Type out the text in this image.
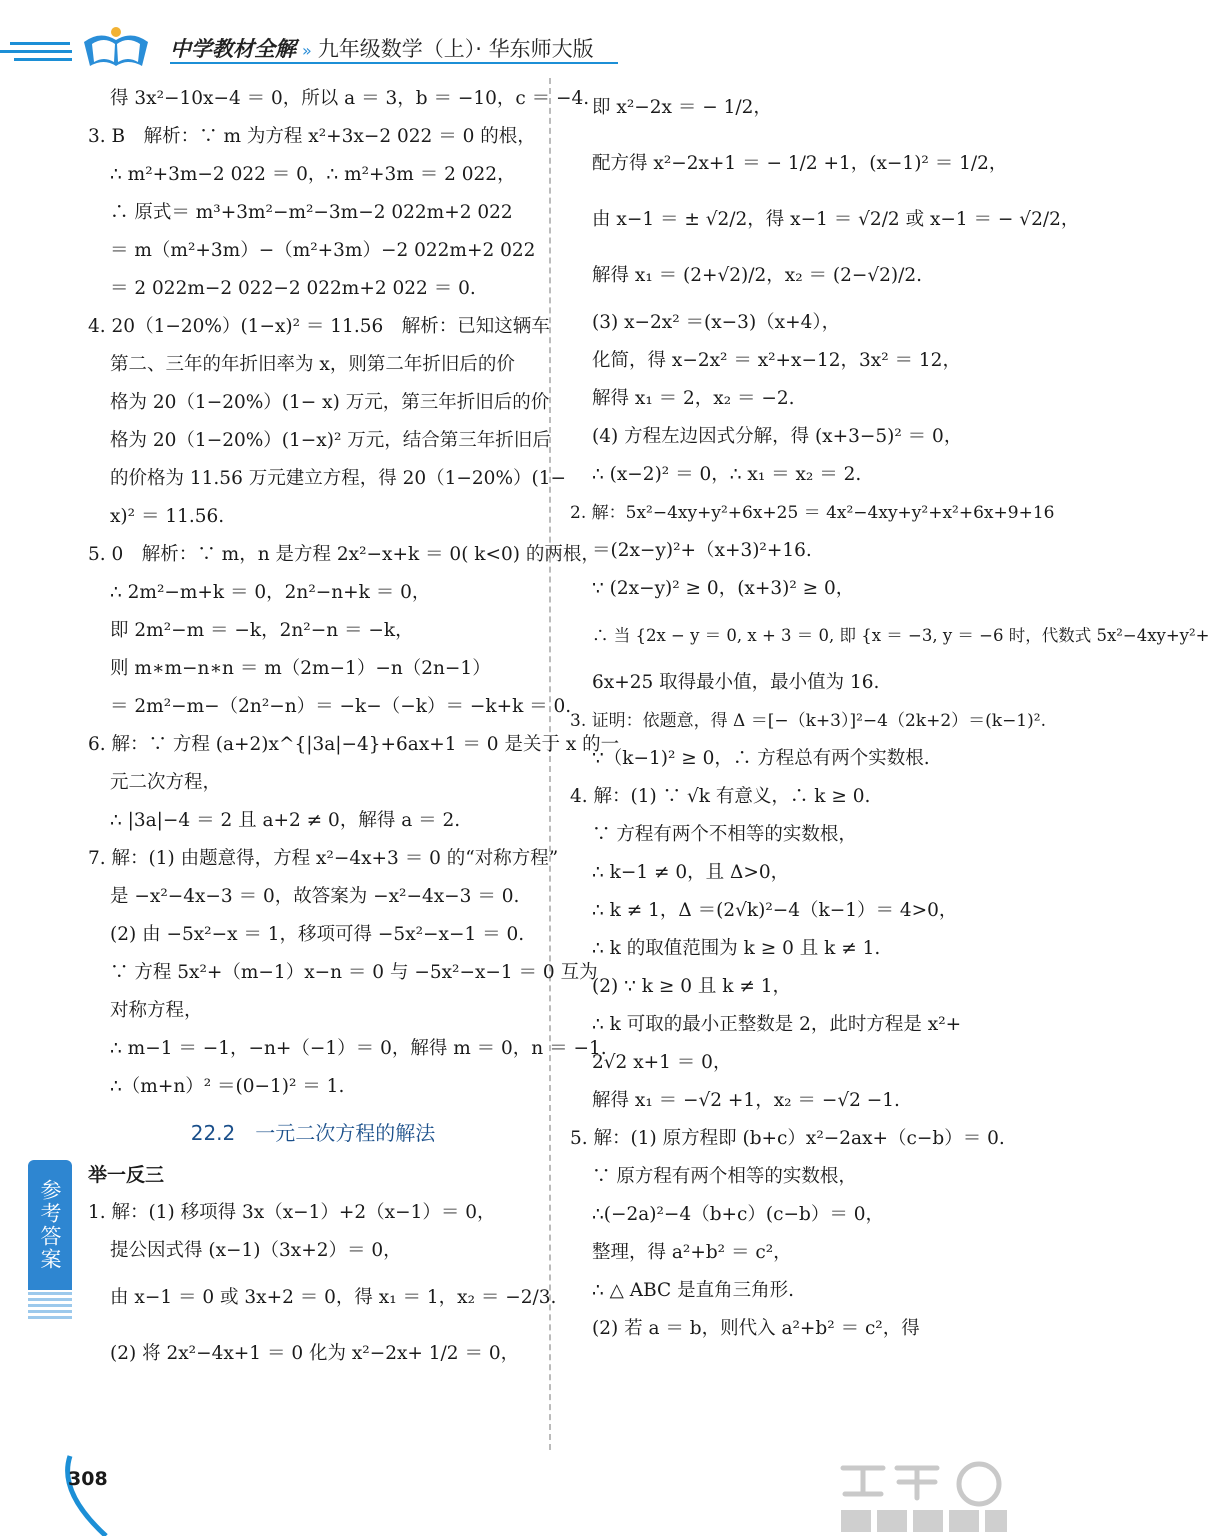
中学教材全解 » 九年级数学（上）· 华东师大版
得 3x²−10x−4 ＝ 0，所以 a ＝ 3，b ＝ −10，c ＝ −4.
3. B　解析：∵ m 为方程 x²+3x−2 022 ＝ 0 的根，
∴ m²+3m−2 022 ＝ 0，∴ m²+3m ＝ 2 022，
∴ 原式＝ m³+3m²−m²−3m−2 022m+2 022
＝ m（m²+3m）−（m²+3m）−2 022m+2 022
＝ 2 022m−2 022−2 022m+2 022 ＝ 0.
4. 20（1−20%）(1−x)² ＝ 11.56　解析：已知这辆车
第二、三年的年折旧率为 x，则第二年折旧后的价
格为 20（1−20%）(1− x) 万元，第三年折旧后的价
格为 20（1−20%）(1−x)² 万元，结合第三年折旧后
的价格为 11.56 万元建立方程，得 20（1−20%）(1−
x)² ＝ 11.56.
5. 0　解析：∵ m，n 是方程 2x²−x+k ＝ 0( k<0) 的两根，
∴ 2m²−m+k ＝ 0，2n²−n+k ＝ 0，
即 2m²−m ＝ −k，2n²−n ＝ −k，
则 m∗m−n∗n ＝ m（2m−1）−n（2n−1）
＝ 2m²−m−（2n²−n）＝ −k−（−k）＝ −k+k ＝ 0.
6. 解：∵ 方程 (a+2)x^{|3a|−4}+6ax+1 ＝ 0 是关于 x 的一
元二次方程，
∴ |3a|−4 ＝ 2 且 a+2 ≠ 0，解得 a ＝ 2.
7. 解：(1) 由题意得，方程 x²−4x+3 ＝ 0 的“对称方程”
是 −x²−4x−3 ＝ 0，故答案为 −x²−4x−3 ＝ 0.
(2) 由 −5x²−x ＝ 1，移项可得 −5x²−x−1 ＝ 0.
∵ 方程 5x²+（m−1）x−n ＝ 0 与 −5x²−x−1 ＝ 0 互为
对称方程，
∴ m−1 ＝ −1，−n+（−1）＝ 0，解得 m ＝ 0，n ＝ −1.
∴（m+n）² ＝(0−1)² ＝ 1.
22.2　一元二次方程的解法
举一反三
1. 解：(1) 移项得 3x（x−1）+2（x−1）＝ 0，
提公因式得 (x−1)（3x+2）＝ 0，
由 x−1 ＝ 0 或 3x+2 ＝ 0，得 x₁ ＝ 1，x₂ ＝ −2/3.
(2) 将 2x²−4x+1 ＝ 0 化为 x²−2x+ 1/2 ＝ 0，
即 x²−2x ＝ − 1/2，
配方得 x²−2x+1 ＝ − 1/2 +1，(x−1)² ＝ 1/2，
由 x−1 ＝ ± √2/2，得 x−1 ＝ √2/2 或 x−1 ＝ − √2/2，
解得 x₁ ＝ (2+√2)/2，x₂ ＝ (2−√2)/2.
(3) x−2x² ＝(x−3)（x+4），
化简，得 x−2x² ＝ x²+x−12，3x² ＝ 12，
解得 x₁ ＝ 2，x₂ ＝ −2.
(4) 方程左边因式分解，得 (x+3−5)² ＝ 0，
∴ (x−2)² ＝ 0，∴ x₁ ＝ x₂ ＝ 2.
2. 解：5x²−4xy+y²+6x+25 ＝ 4x²−4xy+y²+x²+6x+9+16
＝(2x−y)²+（x+3)²+16.
∵ (2x−y)² ≥ 0，(x+3)² ≥ 0，
∴ 当 {2x − y ＝ 0, x + 3 ＝ 0, 即 {x ＝ −3, y ＝ −6 时，代数式 5x²−4xy+y²+
6x+25 取得最小值，最小值为 16.
3. 证明：依题意，得 Δ ＝[−（k+3）]²−4（2k+2）＝(k−1)².
∵（k−1)² ≥ 0，∴ 方程总有两个实数根.
4. 解：(1) ∵ √k 有意义，∴ k ≥ 0.
∵ 方程有两个不相等的实数根，
∴ k−1 ≠ 0，且 Δ>0，
∴ k ≠ 1，Δ ＝(2√k)²−4（k−1）＝ 4>0，
∴ k 的取值范围为 k ≥ 0 且 k ≠ 1.
(2) ∵ k ≥ 0 且 k ≠ 1，
∴ k 可取的最小正整数是 2，此时方程是 x²+
2√2 x+1 ＝ 0，
解得 x₁ ＝ −√2 +1，x₂ ＝ −√2 −1.
5. 解：(1) 原方程即 (b+c）x²−2ax+（c−b）＝ 0.
∵ 原方程有两个相等的实数根，
∴(−2a)²−4（b+c）(c−b）＝ 0，
整理，得 a²+b² ＝ c²，
∴ △ ABC 是直角三角形.
(2) 若 a ＝ b，则代入 a²+b² ＝ c²，得
参考答案
308
